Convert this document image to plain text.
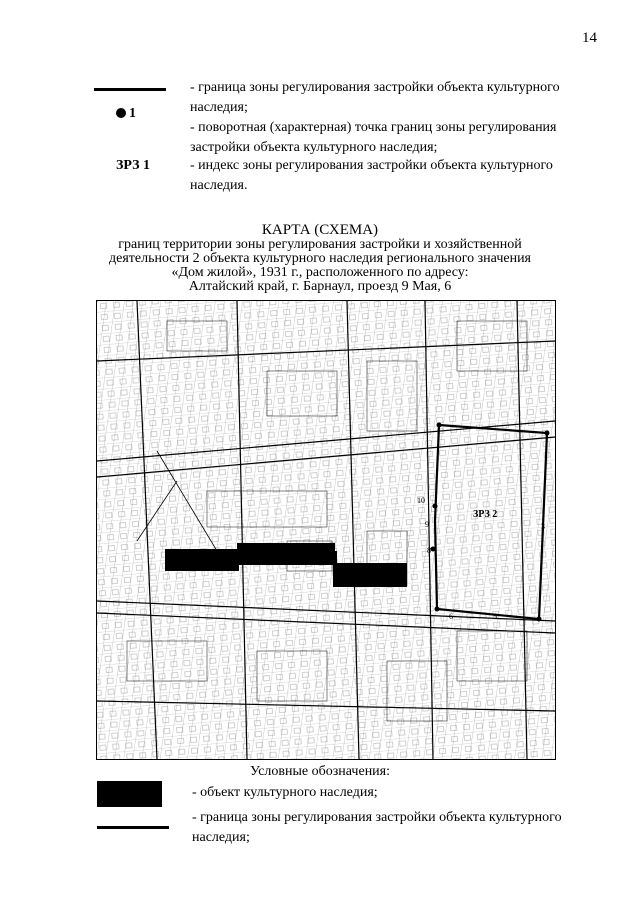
14
- граница зоны регулирования застройки объекта культурного наследия;
1
- поворотная (характерная) точка границ зоны регулирования застройки объекта культурного наследия;
ЗРЗ 1	- индекс зоны регулирования застройки объекта культурного наследия.
КАРТА (СХЕМА)
границ территории зоны регулирования застройки и хозяйственной
деятельности 2 объекта культурного наследия регионального значения
«Дом жилой», 1931 г., расположенного по адресу:
Алтайский край, г. Барнаул, проезд 9 Мая, 6
ЗРЗ 2
10
9
8
6	5
3
Условные обозначения:
- объект культурного наследия;
- граница зоны регулирования застройки объекта культурного наследия;
